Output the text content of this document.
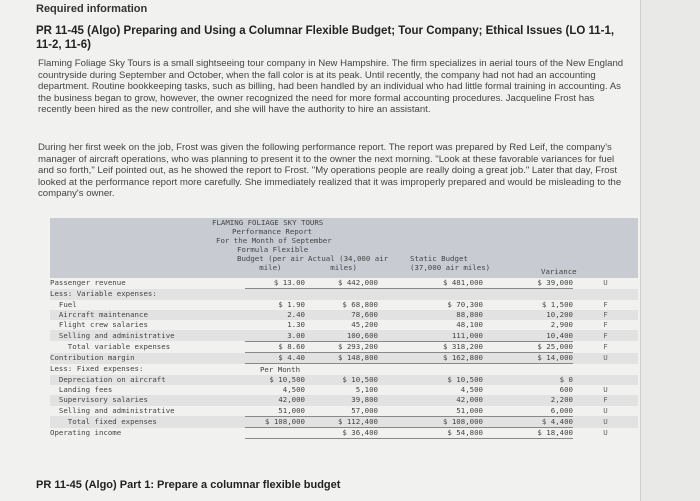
Required information
PR 11-45 (Algo) Preparing and Using a Columnar Flexible Budget; Tour Company; Ethical Issues (LO 11-1, 11-2, 11-6)
Flaming Foliage Sky Tours is a small sightseeing tour company in New Hampshire. The firm specializes in aerial tours of the New England countryside during September and October, when the fall color is at its peak. Until recently, the company had not had an accounting department. Routine bookkeeping tasks, such as billing, had been handled by an individual who had little formal training in accounting. As the business began to grow, however, the owner recognized the need for more formal accounting procedures. Jacqueline Frost has recently been hired as the new controller, and she will have the authority to hire an assistant.
During her first week on the job, Frost was given the following performance report. The report was prepared by Red Leif, the company's manager of aircraft operations, who was planning to present it to the owner the next morning. "Look at these favorable variances for fuel and so forth," Leif pointed out, as he showed the report to Frost. "My operations people are really doing a great job." Later that day, Frost looked at the performance report more carefully. She immediately realized that it was improperly prepared and would be misleading to the company's owner.
FLAMING FOLIAGE SKY TOURS
Performance Report
For the Month of September
Formula Flexible
Budget (per air
mile)
Actual (34,000 air
miles)
Static Budget
(37,000 air miles)	Variance
Passenger revenue	$ 13.00	$ 442,000	$ 481,000	$ 39,000	U
Less: Variable expenses:					
Fuel	$ 1.90	$ 68,800	$ 70,300	$ 1,500	F
Aircraft maintenance	2.40	78,600	88,800	10,200	F
Flight crew salaries	1.30	45,200	48,100	2,900	F
Selling and administrative	3.00	100,600	111,000	10,400	F
Total variable expenses	$ 8.60	$ 293,200	$ 318,200	$ 25,000	F
Contribution margin	$ 4.40	$ 148,800	$ 162,800	$ 14,000	U
Less: Fixed expenses:	Per Month				
Depreciation on aircraft	$ 10,500	$ 10,500	$ 10,500	$ 0	
Landing fees	4,500	5,100	4,500	600	U
Supervisory salaries	42,000	39,800	42,000	2,200	F
Selling and administrative	51,000	57,000	51,000	6,000	U
Total fixed expenses	$ 108,000	$ 112,400	$ 108,000	$ 4,400	U
Operating income		$ 36,400	$ 54,800	$ 18,400	U
PR 11-45 (Algo) Part 1: Prepare a columnar flexible budget
